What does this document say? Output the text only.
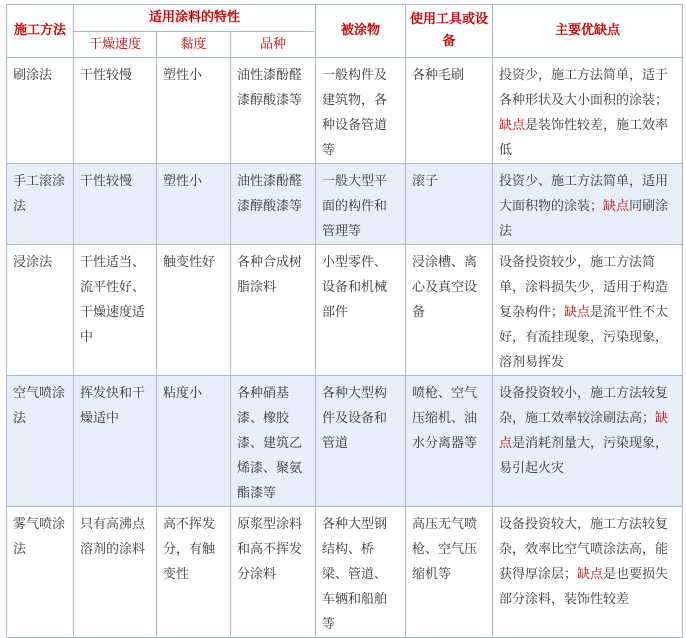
施工方法	适用涂料的特性			被涂物	使用工具或设备	主要优缺点
	干燥速度	黏度	品种			
刷涂法	干性较慢	塑性小	油性漆酚醛漆醇酸漆等	一般构件及建筑物，各种设备管道等	各种毛刷	投资少，施工方法简单，适于各种形状及大小面积的涂装；缺点是装饰性较差，施工效率低
手工滚涂法	干性较慢	塑性小	油性漆酚醛漆醇酸漆等	一般大型平面的构件和管理等	滚子	投资少、施工方法简单，适用大面积物的涂装；缺点同刷涂法
浸涂法	干性适当、流平性好、干燥速度适中	触变性好	各种合成树脂涂料	小型零件、设备和机械部件	浸涂槽、离心及真空设备	设备投资较少，施工方法简单，涂料损失少，适用于构造复杂构件；缺点是流平性不太好，有流挂现象，污染现象，溶剂易挥发
空气喷涂法	挥发快和干燥适中	粘度小	各种硝基漆、橡胶漆、建筑乙烯漆、聚氨酯漆等	各种大型构件及设备和管道	喷枪、空气压缩机、油水分离器等	设备投资较小，施工方法较复杂，施工效率较涂刷法高；缺点是消耗剂量大，污染现象，易引起火灾
雾气喷涂法	只有高沸点溶剂的涂料	高不挥发分，有触变性	原浆型涂料和高不挥发分涂料	各种大型钢结构、桥梁、管道、车辆和船舶等	高压无气喷枪、空气压缩机等	设备投资较大，施工方法较复杂，效率比空气喷涂法高，能获得厚涂层；缺点是也要损失部分涂料，装饰性较差
